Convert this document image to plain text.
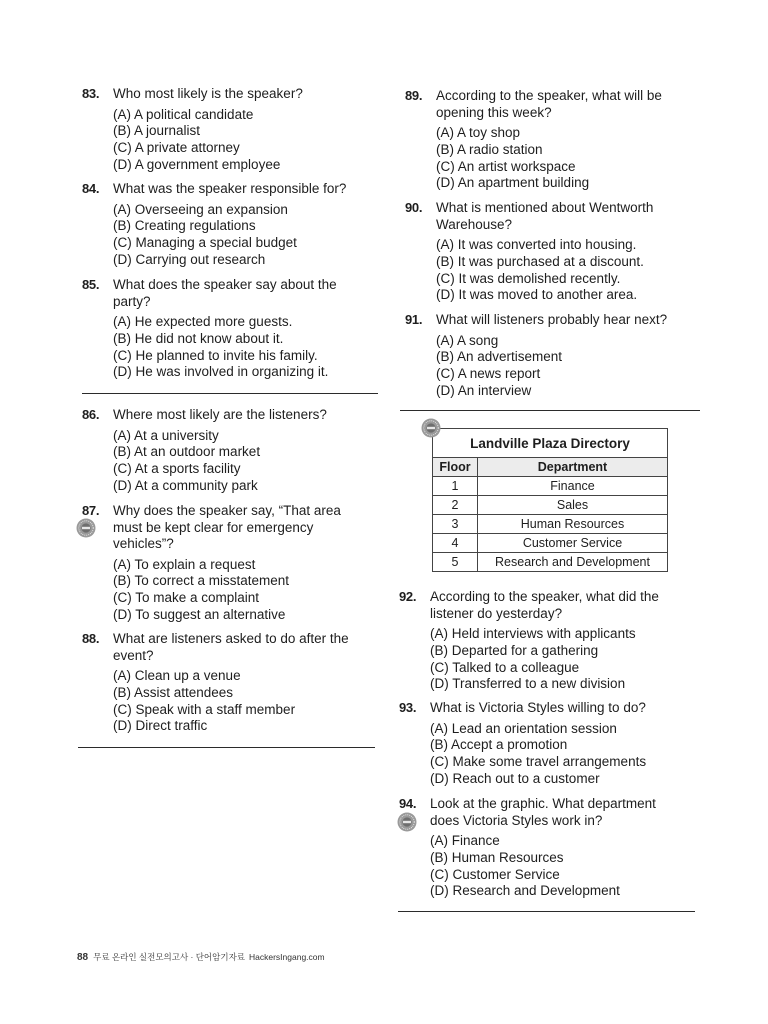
83. Who most likely is the speaker?
(A) A political candidate
(B) A journalist
(C) A private attorney
(D) A government employee
84. What was the speaker responsible for?
(A) Overseeing an expansion
(B) Creating regulations
(C) Managing a special budget
(D) Carrying out research
85. What does the speaker say about the party?
(A) He expected more guests.
(B) He did not know about it.
(C) He planned to invite his family.
(D) He was involved in organizing it.
86. Where most likely are the listeners?
(A) At a university
(B) At an outdoor market
(C) At a sports facility
(D) At a community park
87. Why does the speaker say, “That area must be kept clear for emergency vehicles”?
(A) To explain a request
(B) To correct a misstatement
(C) To make a complaint
(D) To suggest an alternative
88. What are listeners asked to do after the event?
(A) Clean up a venue
(B) Assist attendees
(C) Speak with a staff member
(D) Direct traffic
89. According to the speaker, what will be opening this week?
(A) A toy shop
(B) A radio station
(C) An artist workspace
(D) An apartment building
90. What is mentioned about Wentworth Warehouse?
(A) It was converted into housing.
(B) It was purchased at a discount.
(C) It was demolished recently.
(D) It was moved to another area.
91. What will listeners probably hear next?
(A) A song
(B) An advertisement
(C) A news report
(D) An interview
Landville Plaza Directory	
Floor	Department
1	Finance
2	Sales
3	Human Resources
4	Customer Service
5	Research and Development
92. According to the speaker, what did the listener do yesterday?
(A) Held interviews with applicants
(B) Departed for a gathering
(C) Talked to a colleague
(D) Transferred to a new division
93. What is Victoria Styles willing to do?
(A) Lead an orientation session
(B) Accept a promotion
(C) Make some travel arrangements
(D) Reach out to a customer
94. Look at the graphic. What department does Victoria Styles work in?
(A) Finance
(B) Human Resources
(C) Customer Service
(D) Research and Development
88 무료 온라인 실전모의고사 · 단어암기자료 HackersIngang.com
